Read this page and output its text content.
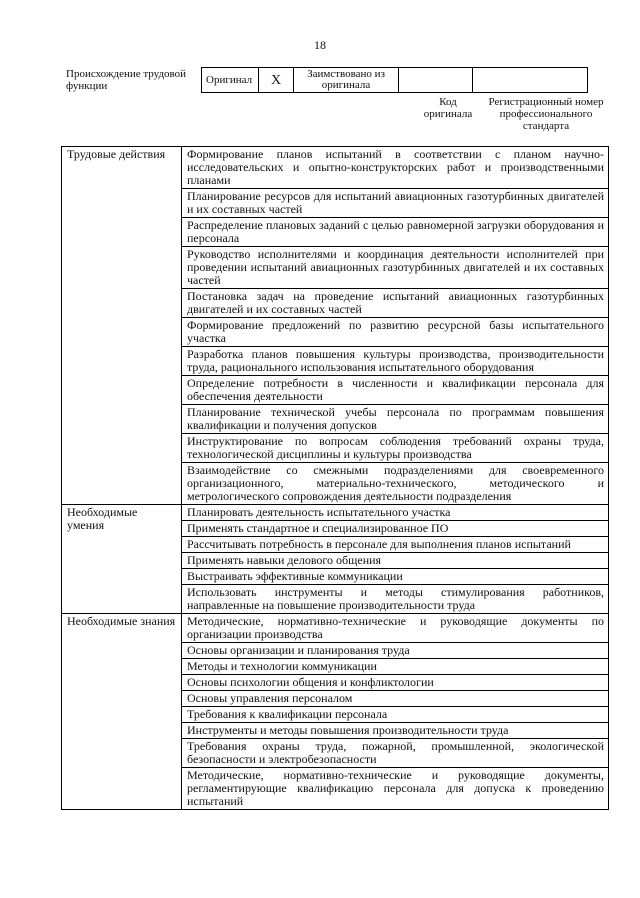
18
Происхождение трудовой функции
Оригинал	X	Заимствовано из оригинала		
Код оригинала
Регистрационный номер профессионального стандарта
Трудовые действия	Формирование планов испытаний в соответствии с планом научно-исследовательских и опытно-конструкторских работ и производственными планами
	Планирование ресурсов для испытаний авиационных газотурбинных двигателей и их составных частей
	Распределение плановых заданий с целью равномерной загрузки оборудования и персонала
	Руководство исполнителями и координация деятельности исполнителей при проведении испытаний авиационных газотурбинных двигателей и их составных частей
	Постановка задач на проведение испытаний авиационных газотурбинных двигателей и их составных частей
	Формирование предложений по развитию ресурсной базы испытательного участка
	Разработка планов повышения культуры производства, производительности труда, рационального использования испытательного оборудования
	Определение потребности в численности и квалификации персонала для обеспечения деятельности
	Планирование технической учебы персонала по программам повышения квалификации и получения допусков
	Инструктирование по вопросам соблюдения требований охраны труда, технологической дисциплины и культуры производства
	Взаимодействие со смежными подразделениями для своевременного организационного, материально-технического, методического и метрологического сопровождения деятельности подразделения
Необходимые умения	Планировать деятельность испытательного участка
	Применять стандартное и специализированное ПО
	Рассчитывать потребность в персонале для выполнения планов испытаний
	Применять навыки делового общения
	Выстраивать эффективные коммуникации
	Использовать инструменты и методы стимулирования работников, направленные на повышение производительности труда
Необходимые знания	Методические, нормативно-технические и руководящие документы по организации производства
	Основы организации и планирования труда
	Методы и технологии коммуникации
	Основы психологии общения и конфликтологии
	Основы управления персоналом
	Требования к квалификации персонала
	Инструменты и методы повышения производительности труда
	Требования охраны труда, пожарной, промышленной, экологической безопасности и электробезопасности
	Методические, нормативно-технические и руководящие документы, регламентирующие квалификацию персонала для допуска к проведению испытаний
